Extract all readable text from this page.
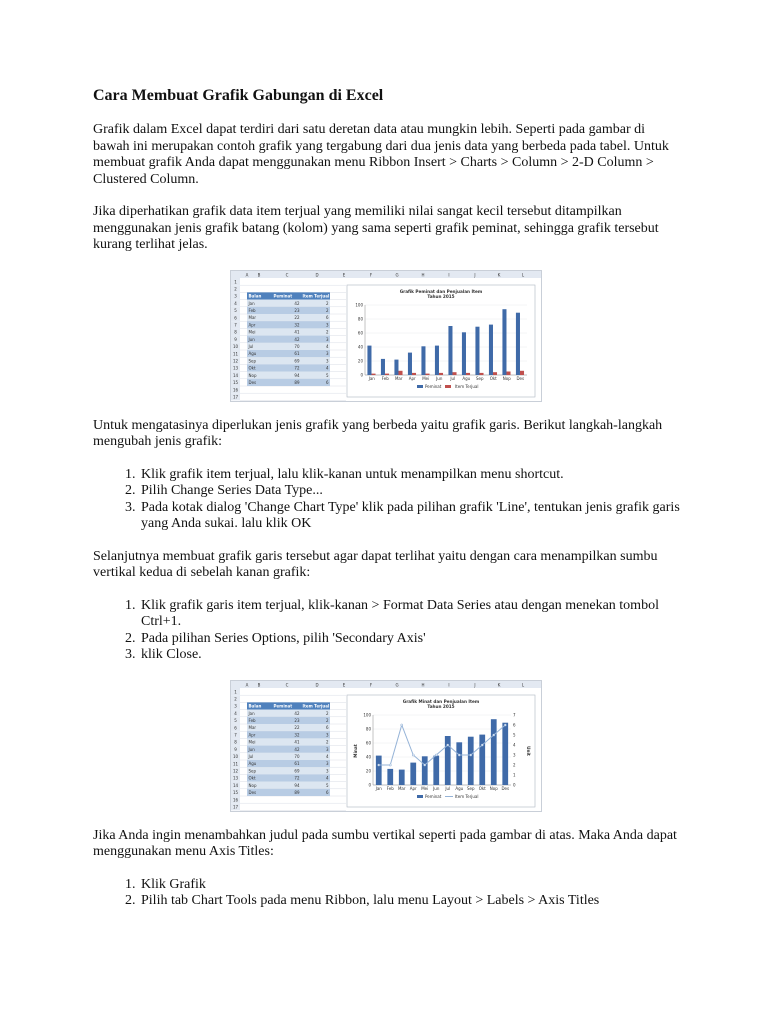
Cara Membuat Grafik Gabungan di Excel

Grafik dalam Excel dapat terdiri dari satu deretan data atau mungkin lebih. Seperti pada gambar di bawah ini merupakan contoh grafik yang tergabung dari dua jenis data yang berbeda pada tabel. Untuk membuat grafik Anda dapat menggunakan menu Ribbon Insert > Charts > Column > 2-D Column > Clustered Column.

Jika diperhatikan grafik data item terjual yang memiliki nilai sangat kecil tersebut ditampilkan menggunakan jenis grafik batang (kolom) yang sama seperti grafik peminat, sehingga grafik tersebut kurang terlihat jelas.

A B	C	D	E	F	G	H	I	J	K	L
1
2
3
4
5
6
7
8
9
10
11
12
13
14
15
16
17
Bulan	Peminat	Item Terjual
Jan	42	2
Feb	23	2
Mar	22	6
Apr	32	3
Mei	41	2
Jun	42	3
Jul	70	4
Agu	61	3
Sep	69	3
Okt	72	4
Nop	94	5
Des	89	6
Grafik Peminat dan Penjualan Item
Tahun 2015
0
20
40
60
80
100
Jan Feb Mar Apr Mei Jun Jul Agu Sep Okt Nop Des
Peminat	Item Terjual

Untuk mengatasinya diperlukan jenis grafik yang berbeda yaitu grafik garis. Berikut langkah-langkah mengubah jenis grafik:

1. Klik grafik item terjual, lalu klik-kanan untuk menampilkan menu shortcut.
2. Pilih Change Series Data Type...
3. Pada kotak dialog 'Change Chart Type' klik pada pilihan grafik 'Line', tentukan jenis grafik garis yang Anda sukai. lalu klik OK

Selanjutnya membuat grafik garis tersebut agar dapat terlihat yaitu dengan cara menampilkan sumbu vertikal kedua di sebelah kanan grafik:

1. Klik grafik garis item terjual, klik-kanan > Format Data Series atau dengan menekan tombol Ctrl+1.
2. Pada pilihan Series Options, pilih 'Secondary Axis'
3. klik Close.
A B	C	D	E	F	G	H	I	J	K	L
1
2
3
4
5
6
7
8
9
10
11
12
13
14
15
16
17
Bulan	Peminat	Item Terjual
Jan	42	2
Feb	23	2
Mar	22	6
Apr	32	3
Mei	41	2
Jun	42	3
Jul	70	4
Agu	61	3
Sep	69	3
Okt	72	4
Nop	94	5
Des	89	6
Grafik Minat dan Penjualan Item
Tahun 2015
0
20
40
60
80
100
Jan Feb Mar Apr Mei Jun Jul Agu Sep Okt Nop Des
0
1
2
3
4
5
6
7
Minat	Unit
Peminat	Item Terjual

Jika Anda ingin menambahkan judul pada sumbu vertikal seperti pada gambar di atas. Maka Anda dapat menggunakan menu Axis Titles:

1. Klik Grafik
2. Pilih tab Chart Tools pada menu Ribbon, lalu menu Layout > Labels > Axis Titles
